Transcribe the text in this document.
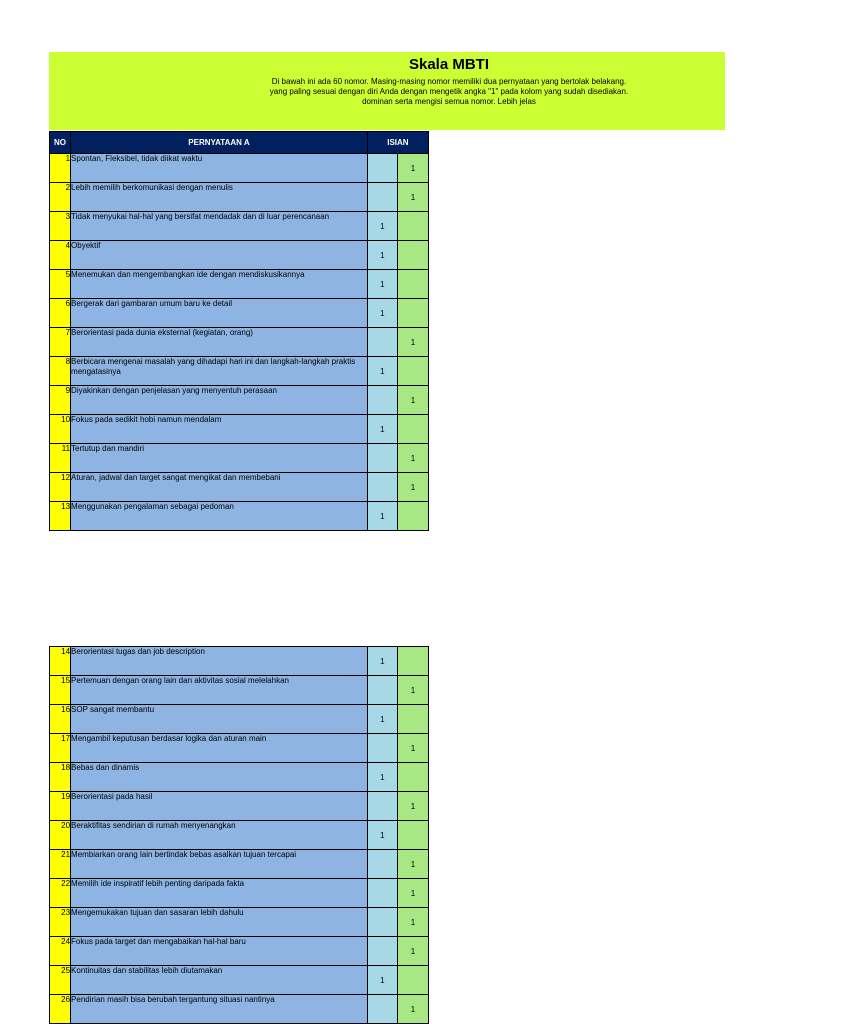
Skala MBTI
Di bawah ini ada 60 nomor. Masing-masing nomor memiliki dua pernyataan yang bertolak belakang.
yang paling sesuai dengan diri Anda dengan mengetik angka "1" pada kolom yang sudah disediakan.
dominan serta mengisi semua nomor. Lebih jelas
NO	PERNYATAAN A	ISIAN	
1	Spontan, Fleksibel, tidak diikat waktu		1
2	Lebih memilih berkomunikasi dengan menulis		1
3	Tidak menyukai hal-hal yang bersifat mendadak dan di luar perencanaan	1	
4	Obyektif	1	
5	Menemukan dan mengembangkan ide dengan mendiskusikannya	1	
6	Bergerak dari gambaran umum baru ke detail	1	
7	Berorientasi pada dunia eksternal (kegiatan, orang)		1
8	Berbicara mengenai masalah yang dihadapi hari ini dan langkah-langkah praktis mengatasinya	1	
9	Diyakinkan dengan penjelasan yang menyentuh perasaan		1
10	Fokus pada sedikit hobi namun mendalam	1	
11	Tertutup dan mandiri		1
12	Aturan, jadwal dan target sangat mengikat dan membebani		1
13	Menggunakan pengalaman sebagai pedoman	1	
14	Berorientasi tugas dan job description	1	
15	Pertemuan dengan orang lain dan aktivitas sosial melelahkan		1
16	SOP sangat membantu	1	
17	Mengambil keputusan berdasar logika dan aturan main		1
18	Bebas dan dinamis	1	
19	Berorientasi pada hasil		1
20	Beraktifitas sendirian di rumah menyenangkan	1	
21	Membiarkan orang lain bertindak bebas asalkan tujuan tercapai		1
22	Memilih ide inspiratif lebih penting daripada fakta		1
23	Mengemukakan tujuan dan sasaran lebih dahulu		1
24	Fokus pada target dan mengabaikan hal-hal baru		1
25	Kontinuitas dan stabilitas lebih diutamakan	1	
26	Pendirian masih bisa berubah tergantung situasi nantinya		1
